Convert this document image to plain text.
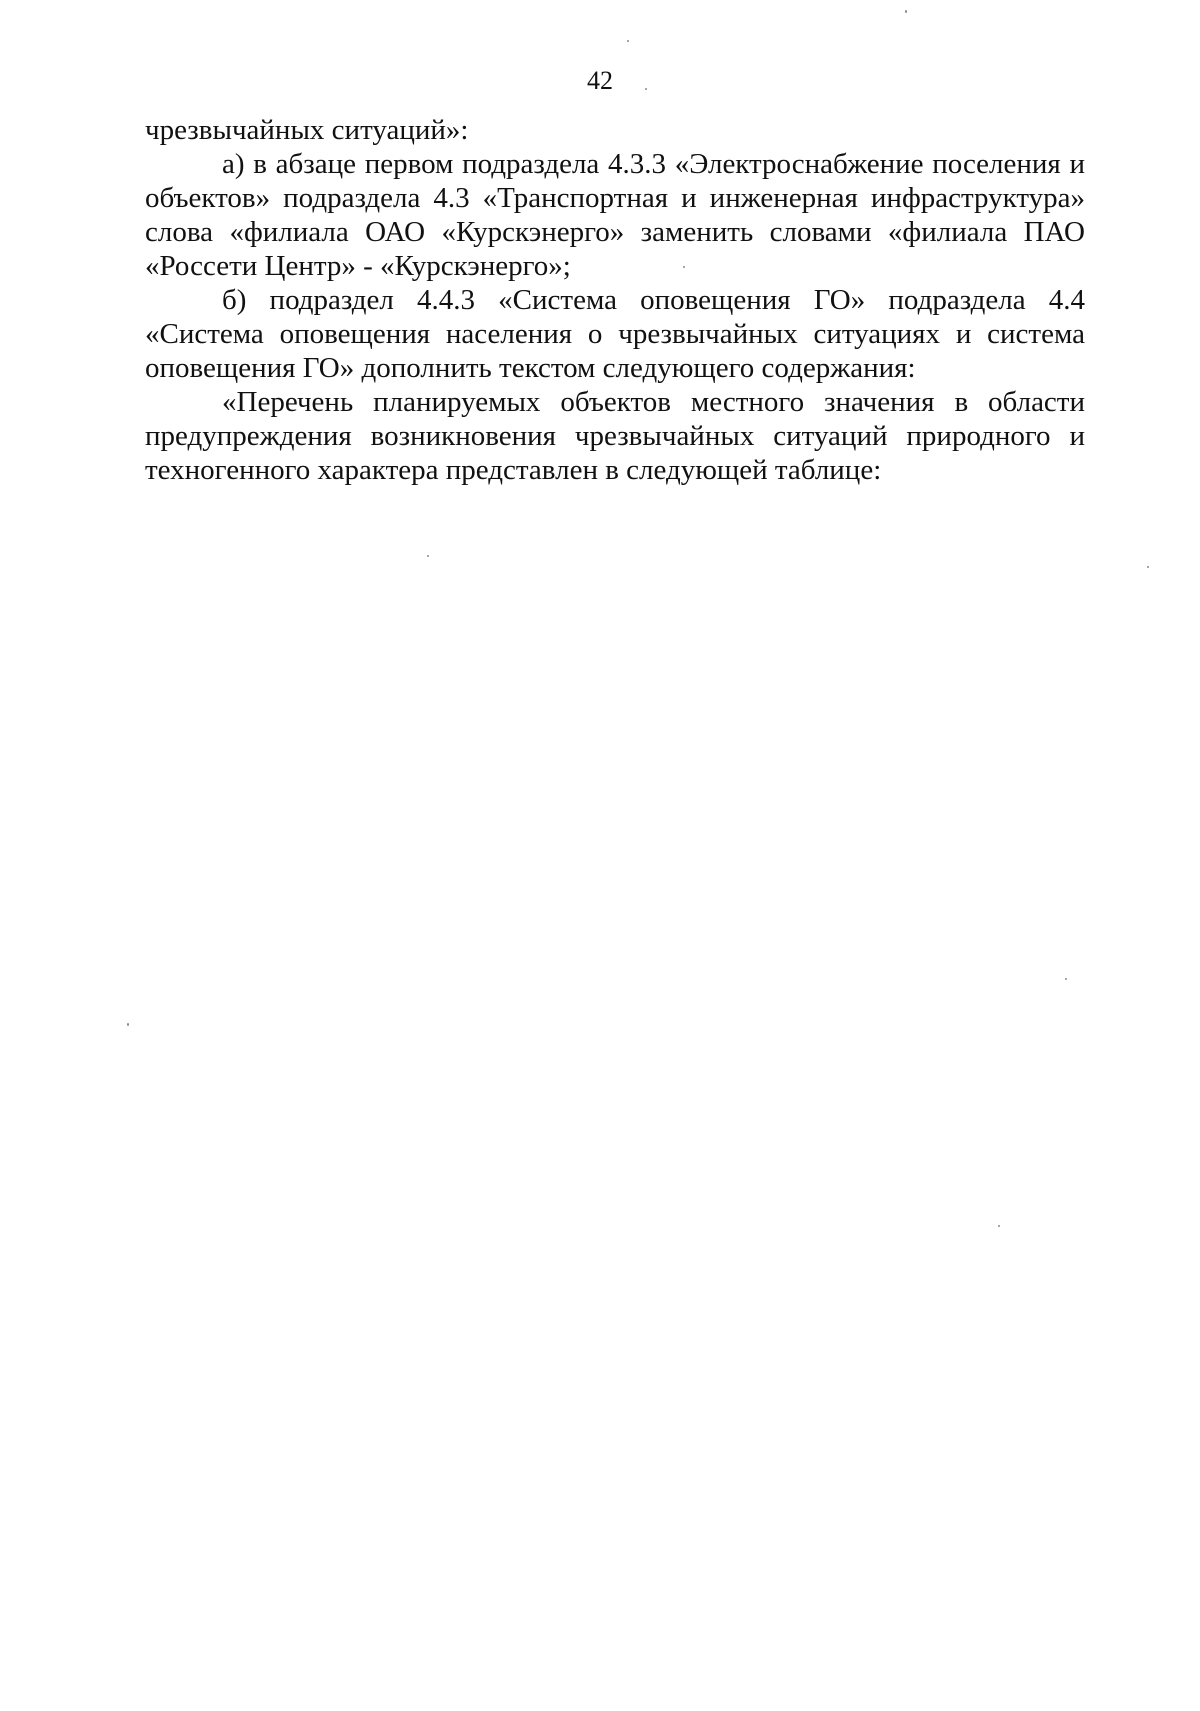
42

чрезвычайных ситуаций»:

а) в абзаце первом подраздела 4.3.3 «Электроснабжение поселения и объектов» подраздела 4.3 «Транспортная и инженерная инфраструктура» слова «филиала ОАО «Курскэнерго» заменить словами «филиала ПАО «Россети Центр» - «Курскэнерго»;

б) подраздел 4.4.3 «Система оповещения ГО» подраздела 4.4 «Система оповещения населения о чрезвычайных ситуациях и система оповещения ГО» дополнить текстом следующего содержания:

«Перечень планируемых объектов местного значения в области предупреждения возникновения чрезвычайных ситуаций природного и техногенного характера представлен в следующей таблице:
